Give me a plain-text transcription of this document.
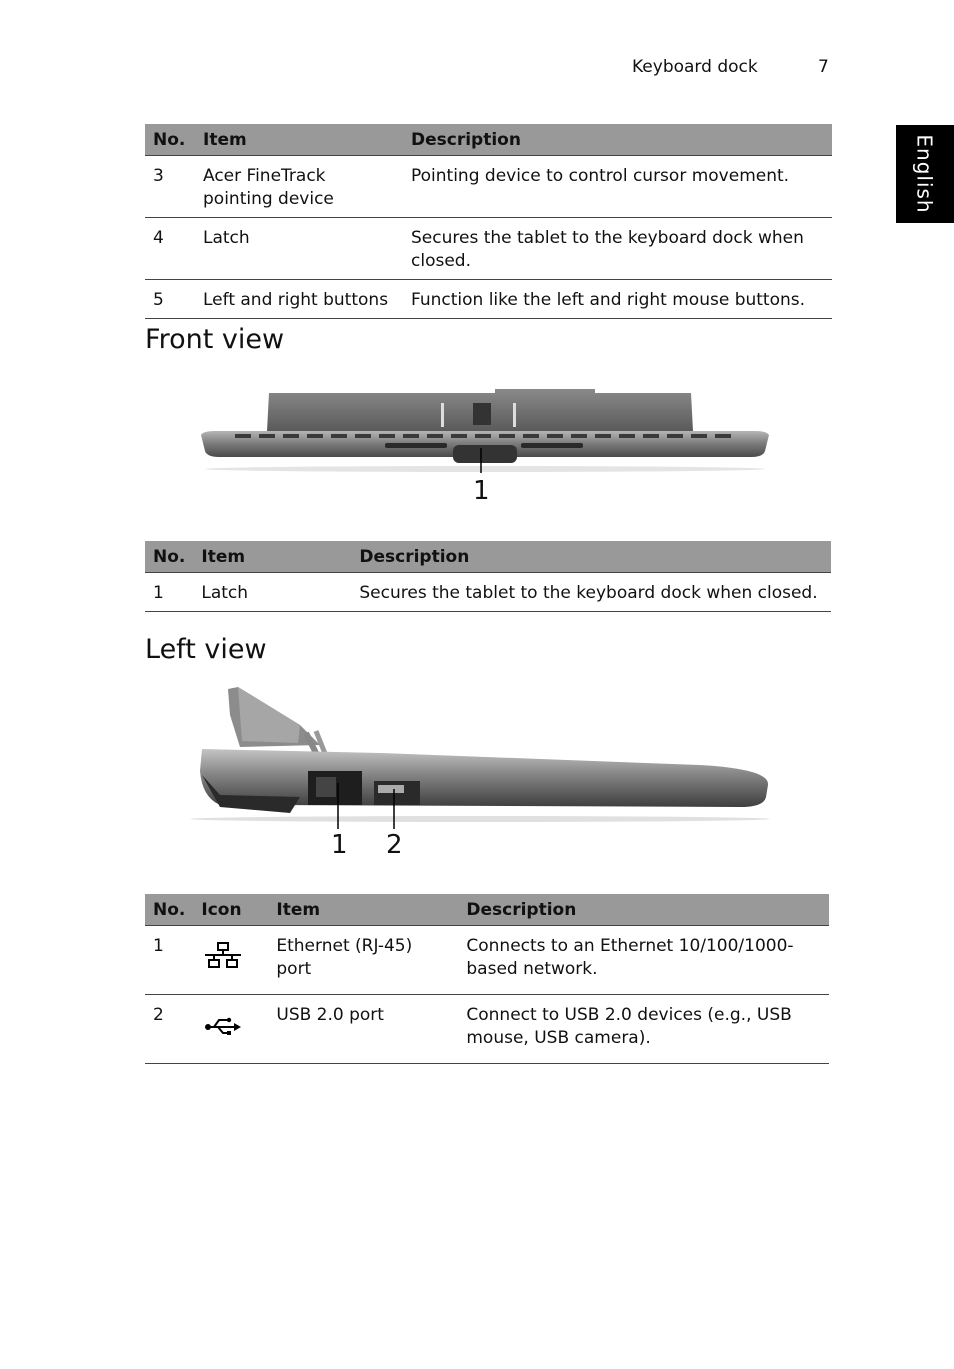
Keyboard dock	7
English
No.	Item	Description
3	Acer FineTrack pointing device	Pointing device to control cursor movement.
4	Latch	Secures the tablet to the keyboard dock when closed.
5	Left and right buttons	Function like the left and right mouse buttons.
Front view
1
No.	Item	Description
1	Latch	Secures the tablet to the keyboard dock when closed.
Left view
1 2
No.	Icon	Item	Description
1		Ethernet (RJ-45) port	Connects to an Ethernet 10/100/1000-based network.
2		USB 2.0 port	Connect to USB 2.0 devices (e.g., USB mouse, USB camera).
